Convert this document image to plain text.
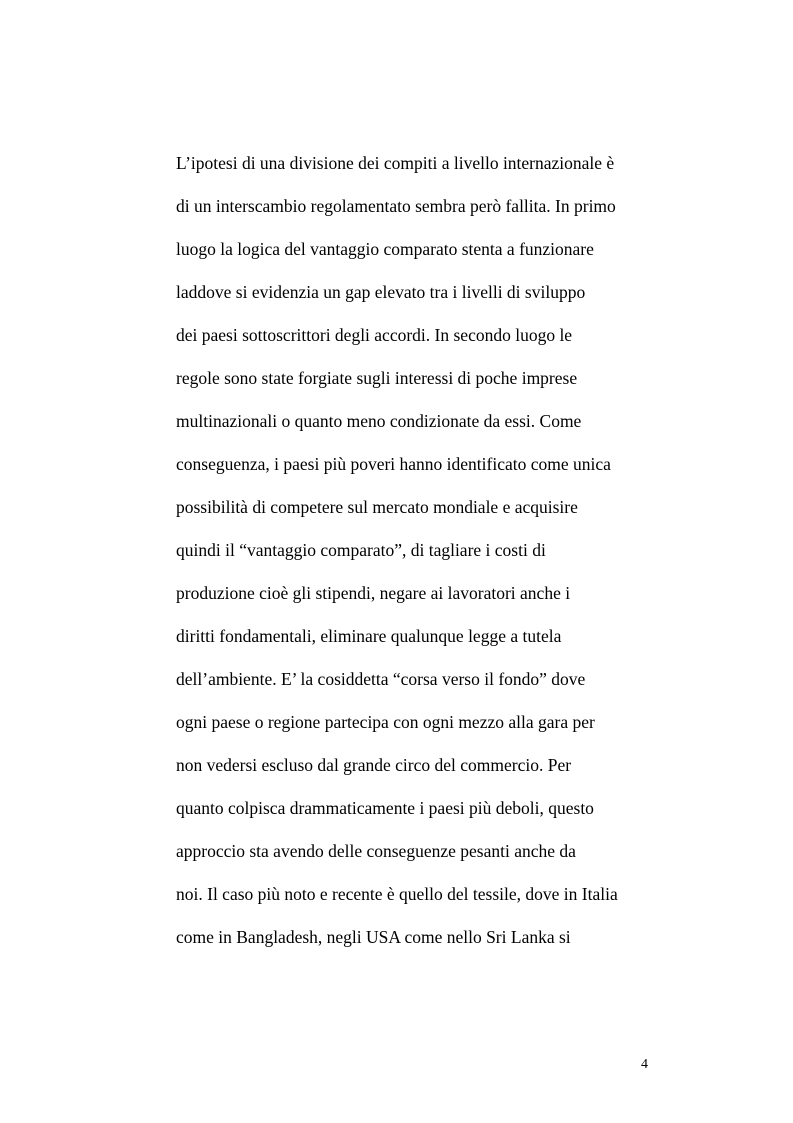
L’ipotesi di una divisione dei compiti a livello internazionale è
di un interscambio regolamentato sembra però fallita. In primo
luogo la logica del vantaggio comparato stenta a funzionare
laddove si evidenzia un gap elevato tra i livelli di sviluppo
dei paesi sottoscrittori degli accordi. In secondo luogo le
regole sono state forgiate sugli interessi di poche imprese
multinazionali o quanto meno condizionate da essi. Come
conseguenza, i paesi più poveri hanno identificato come unica
possibilità di competere sul mercato mondiale e acquisire
quindi il “vantaggio comparato”, di tagliare i costi di
produzione cioè gli stipendi, negare ai lavoratori anche i
diritti fondamentali, eliminare qualunque legge a tutela
dell’ambiente. E’ la cosiddetta “corsa verso il fondo” dove
ogni paese o regione partecipa con ogni mezzo alla gara per
non vedersi escluso dal grande circo del commercio. Per
quanto colpisca drammaticamente i paesi più deboli, questo
approccio sta avendo delle conseguenze pesanti anche da
noi. Il caso più noto e recente è quello del tessile, dove in Italia
come in Bangladesh, negli USA come nello Sri Lanka si
4
